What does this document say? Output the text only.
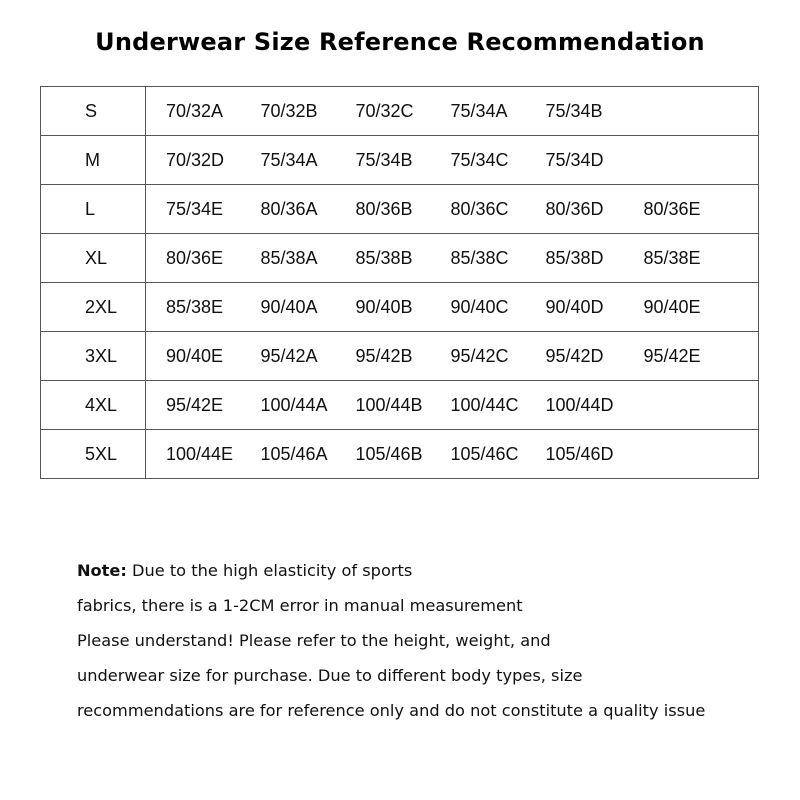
Underwear Size Reference Recommendation
S	70/32A	70/32B	70/32C	75/34A	75/34B	
M	70/32D	75/34A	75/34B	75/34C	75/34D	
L	75/34E	80/36A	80/36B	80/36C	80/36D	80/36E
XL	80/36E	85/38A	85/38B	85/38C	85/38D	85/38E
2XL	85/38E	90/40A	90/40B	90/40C	90/40D	90/40E
3XL	90/40E	95/42A	95/42B	95/42C	95/42D	95/42E
4XL	95/42E	100/44A	100/44B	100/44C	100/44D	
5XL	100/44E	105/46A	105/46B	105/46C	105/46D	
Note: Due to the high elasticity of sports
fabrics, there is a 1-2CM error in manual measurement
Please understand! Please refer to the height, weight, and
underwear size for purchase. Due to different body types, size
recommendations are for reference only and do not constitute a quality issue
